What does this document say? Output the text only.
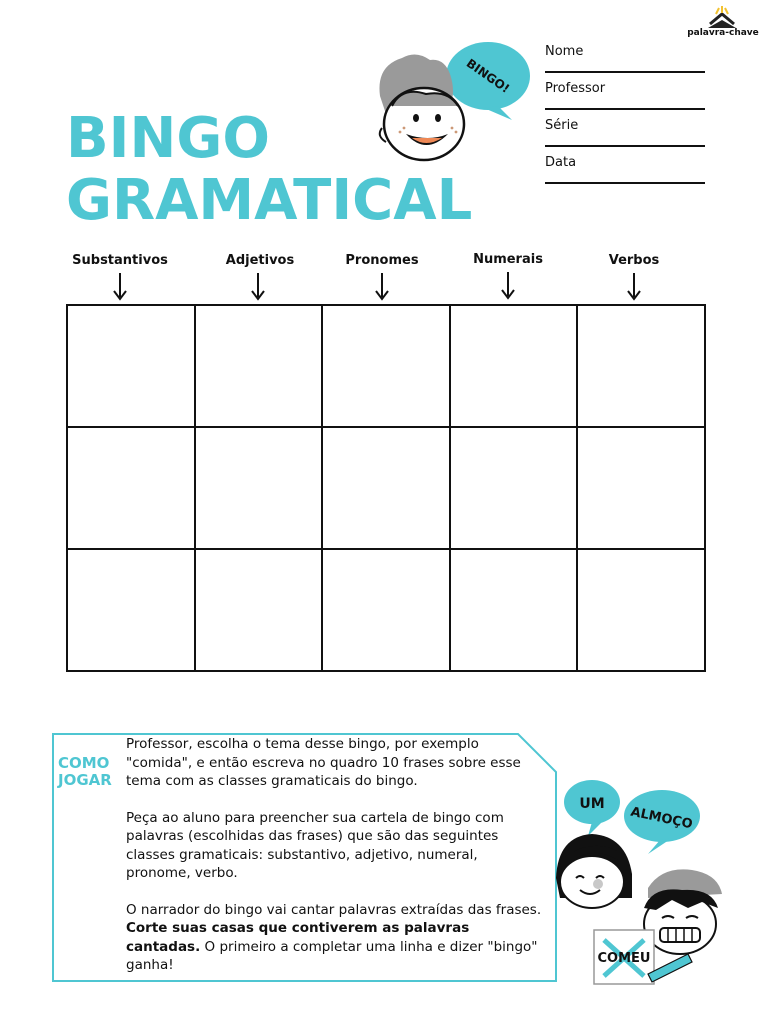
palavra-chave
BINGO
GRAMATICAL
BINGO!
Nome
Professor
Série
Data
Substantivos	Adjetivos	Pronomes	Numerais	Verbos

COMO
JOGAR

Professor, escolha o tema desse bingo, por exemplo "comida", e então escreva no quadro 10 frases sobre esse tema com as classes gramaticais do bingo.

Peça ao aluno para preencher sua cartela de bingo com palavras (escolhidas das frases) que são das seguintes classes gramaticais: substantivo, adjetivo, numeral, pronome, verbo.

O narrador do bingo vai cantar palavras extraídas das frases. Corte suas casas que contiverem as palavras cantadas. O primeiro a completar uma linha e dizer "bingo" ganha!

UM
ALMOÇO
COMEU
